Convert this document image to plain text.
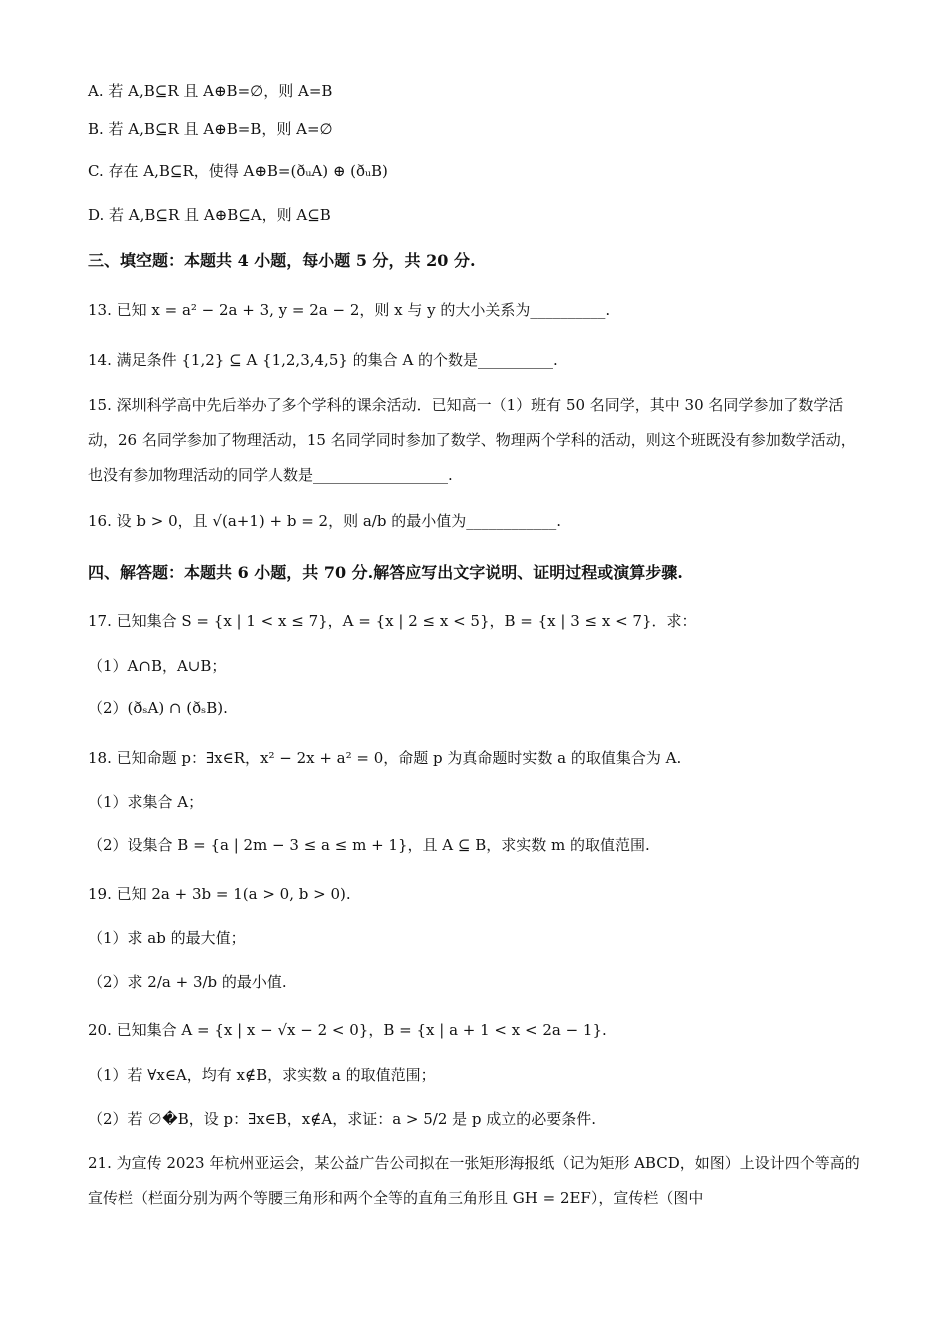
A. 若 A,B⊆R 且 A⊕B=∅，则 A=B
B. 若 A,B⊆R 且 A⊕B=B，则 A=∅
C. 存在 A,B⊆R，使得 A⊕B=(ðᵤA) ⊕ (ðᵤB)
D. 若 A,B⊆R 且 A⊕B⊆A，则 A⊆B
三、填空题：本题共 4 小题，每小题 5 分，共 20 分.
13. 已知 x = a² − 2a + 3, y = 2a − 2，则 x 与 y 的大小关系为__________.
14. 满足条件 {1,2} ⊆ A {1,2,3,4,5} 的集合 A 的个数是__________.
15. 深圳科学高中先后举办了多个学科的课余活动．已知高一（1）班有 50 名同学，其中 30 名同学参加了数学活动，26 名同学参加了物理活动，15 名同学同时参加了数学、物理两个学科的活动，则这个班既没有参加数学活动，也没有参加物理活动的同学人数是__________________.
16. 设 b > 0，且 √(a+1) + b = 2，则 a/b 的最小值为____________.
四、解答题：本题共 6 小题，共 70 分.解答应写出文字说明、证明过程或演算步骤.
17. 已知集合 S = {x | 1 < x ≤ 7}，A = {x | 2 ≤ x < 5}，B = {x | 3 ≤ x < 7}．求：
（1）A∩B，A∪B；
（2）(ðₛA) ∩ (ðₛB).
18. 已知命题 p：∃x∈R，x² − 2x + a² = 0，命题 p 为真命题时实数 a 的取值集合为 A.
（1）求集合 A；
（2）设集合 B = {a | 2m − 3 ≤ a ≤ m + 1}，且 A ⊆ B，求实数 m 的取值范围.
19. 已知 2a + 3b = 1(a > 0, b > 0).
（1）求 ab 的最大值；
（2）求 2/a + 3/b 的最小值.
20. 已知集合 A = {x | x − √x − 2 < 0}，B = {x | a + 1 < x < 2a − 1}.
（1）若 ∀x∈A，均有 x∉B，求实数 a 的取值范围；
（2）若 ∅�B，设 p：∃x∈B，x∉A，求证：a > 5/2 是 p 成立的必要条件.
21. 为宣传 2023 年杭州亚运会，某公益广告公司拟在一张矩形海报纸（记为矩形 ABCD，如图）上设计四个等高的宣传栏（栏面分别为两个等腰三角形和两个全等的直角三角形且 GH = 2EF），宣传栏（图中
